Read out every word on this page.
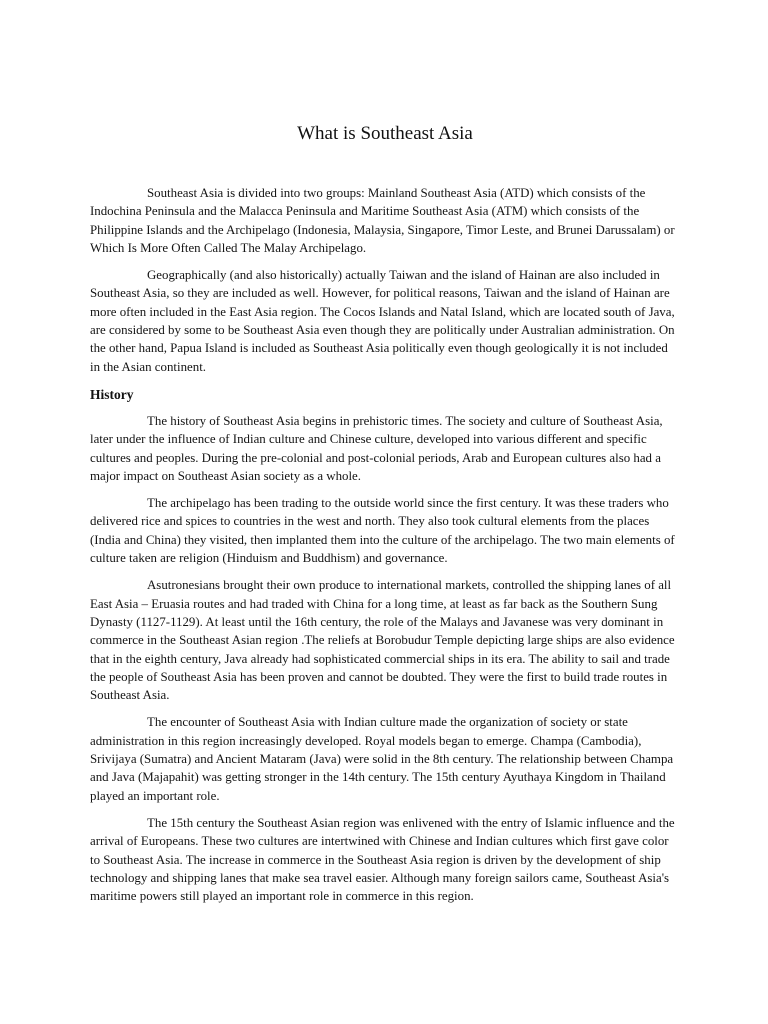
What is Southeast Asia

Southeast Asia is divided into two groups: Mainland Southeast Asia (ATD) which consists of the Indochina Peninsula and the Malacca Peninsula and Maritime Southeast Asia (ATM) which consists of the Philippine Islands and the Archipelago (Indonesia, Malaysia, Singapore, Timor Leste, and Brunei Darussalam) or Which Is More Often Called The Malay Archipelago.

Geographically (and also historically) actually Taiwan and the island of Hainan are also included in Southeast Asia, so they are included as well. However, for political reasons, Taiwan and the island of Hainan are more often included in the East Asia region. The Cocos Islands and Natal Island, which are located south of Java, are considered by some to be Southeast Asia even though they are politically under Australian administration. On the other hand, Papua Island is included as Southeast Asia politically even though geologically it is not included in the Asian continent.

History

The history of Southeast Asia begins in prehistoric times. The society and culture of Southeast Asia, later under the influence of Indian culture and Chinese culture, developed into various different and specific cultures and peoples. During the pre-colonial and post-colonial periods, Arab and European cultures also had a major impact on Southeast Asian society as a whole.

The archipelago has been trading to the outside world since the first century. It was these traders who delivered rice and spices to countries in the west and north. They also took cultural elements from the places (India and China) they visited, then implanted them into the culture of the archipelago. The two main elements of culture taken are religion (Hinduism and Buddhism) and governance.

Asutronesians brought their own produce to international markets, controlled the shipping lanes of all East Asia – Eruasia routes and had traded with China for a long time, at least as far back as the Southern Sung Dynasty (1127-1129). At least until the 16th century, the role of the Malays and Javanese was very dominant in commerce in the Southeast Asian region .The reliefs at Borobudur Temple depicting large ships are also evidence that in the eighth century, Java already had sophisticated commercial ships in its era. The ability to sail and trade the people of Southeast Asia has been proven and cannot be doubted. They were the first to build trade routes in Southeast Asia.

The encounter of Southeast Asia with Indian culture made the organization of society or state administration in this region increasingly developed. Royal models began to emerge. Champa (Cambodia), Srivijaya (Sumatra) and Ancient Mataram (Java) were solid in the 8th century. The relationship between Champa and Java (Majapahit) was getting stronger in the 14th century. The 15th century Ayuthaya Kingdom in Thailand played an important role.

The 15th century the Southeast Asian region was enlivened with the entry of Islamic influence and the arrival of Europeans. These two cultures are intertwined with Chinese and Indian cultures which first gave color to Southeast Asia. The increase in commerce in the Southeast Asia region is driven by the development of ship technology and shipping lanes that make sea travel easier. Although many foreign sailors came, Southeast Asia's maritime powers still played an important role in commerce in this region.
